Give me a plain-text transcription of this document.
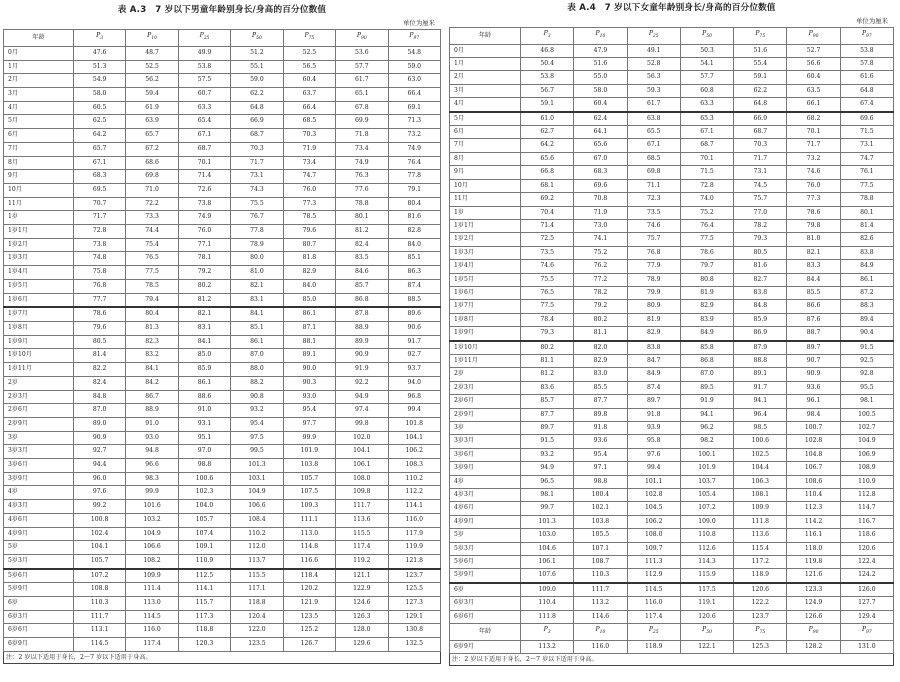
表 A.3　7 岁以下男童年龄别身长/身高的百分位数值
单位为厘米
年龄	$P_3$	$P_{10}$	$P_{25}$	$P_{50}$	$P_{75}$	$P_{90}$	$P_{97}$
0月	47.6	48.7	49.9	51.2	52.5	53.6	54.8
1月	51.3	52.5	53.8	55.1	56.5	57.7	59.0
2月	54.9	56.2	57.5	59.0	60.4	61.7	63.0
3月	58.0	59.4	60.7	62.2	63.7	65.1	66.4
4月	60.5	61.9	63.3	64.8	66.4	67.8	69.1
5月	62.5	63.9	65.4	66.9	68.5	69.9	71.3
6月	64.2	65.7	67.1	68.7	70.3	71.8	73.2
7月	65.7	67.2	68.7	70.3	71.9	73.4	74.9
8月	67.1	68.6	70.1	71.7	73.4	74.9	76.4
9月	68.3	69.8	71.4	73.1	74.7	76.3	77.8
10月	69.5	71.0	72.6	74.3	76.0	77.6	79.1
11月	70.7	72.2	73.8	75.5	77.3	78.8	80.4
1岁	71.7	73.3	74.9	76.7	78.5	80.1	81.6
1岁1月	72.8	74.4	76.0	77.8	79.6	81.2	82.8
1岁2月	73.8	75.4	77.1	78.9	80.7	82.4	84.0
1岁3月	74.8	76.5	78.1	80.0	81.8	83.5	85.1
1岁4月	75.8	77.5	79.2	81.0	82.9	84.6	86.3
1岁5月	76.8	78.5	80.2	82.1	84.0	85.7	87.4
1岁6月	77.7	79.4	81.2	83.1	85.0	86.8	88.5
1岁7月	78.6	80.4	82.1	84.1	86.1	87.8	89.6
1岁8月	79.6	81.3	83.1	85.1	87.1	88.9	90.6
1岁9月	80.5	82.3	84.1	86.1	88.1	89.9	91.7
1岁10月	81.4	83.2	85.0	87.0	89.1	90.9	92.7
1岁11月	82.2	84.1	85.9	88.0	90.0	91.9	93.7
2岁	82.4	84.2	86.1	88.2	90.3	92.2	94.0
2岁3月	84.8	86.7	88.6	90.8	93.0	94.9	96.8
2岁6月	87.0	88.9	91.0	93.2	95.4	97.4	99.4
2岁9月	89.0	91.0	93.1	95.4	97.7	99.8	101.8
3岁	90.9	93.0	95.1	97.5	99.9	102.0	104.1
3岁3月	92.7	94.8	97.0	99.5	101.9	104.1	106.2
3岁6月	94.4	96.6	98.8	101.3	103.8	106.1	108.3
3岁9月	96.0	98.3	100.6	103.1	105.7	108.0	110.2
4岁	97.6	99.9	102.3	104.9	107.5	109.8	112.2
4岁3月	99.2	101.6	104.0	106.6	109.3	111.7	114.1
4岁6月	100.8	103.2	105.7	108.4	111.1	113.6	116.0
4岁9月	102.4	104.9	107.4	110.2	113.0	115.5	117.9
5岁	104.1	106.6	109.1	112.0	114.8	117.4	119.9
5岁3月	105.7	108.2	110.9	113.7	116.6	119.2	121.8
5岁6月	107.2	109.9	112.5	115.5	118.4	121.1	123.7
5岁9月	108.8	111.4	114.1	117.1	120.2	122.9	125.5
6岁	110.3	113.0	115.7	118.8	121.9	124.6	127.3
6岁3月	111.7	114.5	117.3	120.4	123.5	126.3	129.1
6岁6月	113.1	116.0	118.8	122.0	125.2	128.0	130.8
6岁9月	114.5	117.4	120.3	123.5	126.7	129.6	132.5
注：2 岁以下适用于身长，2～7 岁以下适用于身高。
表 A.4　7 岁以下女童年龄别身长/身高的百分位数值
单位为厘米
年龄	$P_3$	$P_{10}$	$P_{25}$	$P_{50}$	$P_{75}$	$P_{90}$	$P_{97}$
0月	46.8	47.9	49.1	50.3	51.6	52.7	53.8
1月	50.4	51.6	52.8	54.1	55.4	56.6	57.8
2月	53.8	55.0	56.3	57.7	59.1	60.4	61.6
3月	56.7	58.0	59.3	60.8	62.2	63.5	64.8
4月	59.1	60.4	61.7	63.3	64.8	66.1	67.4
5月	61.0	62.4	63.8	65.3	66.9	68.2	69.6
6月	62.7	64.1	65.5	67.1	68.7	70.1	71.5
7月	64.2	65.6	67.1	68.7	70.3	71.7	73.1
8月	65.6	67.0	68.5	70.1	71.7	73.2	74.7
9月	66.8	68.3	69.8	71.5	73.1	74.6	76.1
10月	68.1	69.6	71.1	72.8	74.5	76.0	77.5
11月	69.2	70.8	72.3	74.0	75.7	77.3	78.8
1岁	70.4	71.9	73.5	75.2	77.0	78.6	80.1
1岁1月	71.4	73.0	74.6	76.4	78.2	79.8	81.4
1岁2月	72.5	74.1	75.7	77.5	79.3	81.0	82.6
1岁3月	73.5	75.2	76.8	78.6	80.5	82.1	83.8
1岁4月	74.6	76.2	77.9	79.7	81.6	83.3	84.9
1岁5月	75.5	77.2	78.9	80.8	82.7	84.4	86.1
1岁6月	76.5	78.2	79.9	81.9	83.8	85.5	87.2
1岁7月	77.5	79.2	80.9	82.9	84.8	86.6	88.3
1岁8月	78.4	80.2	81.9	83.9	85.9	87.6	89.4
1岁9月	79.3	81.1	82.9	84.9	86.9	88.7	90.4
1岁10月	80.2	82.0	83.8	85.8	87.9	89.7	91.5
1岁11月	81.1	82.9	84.7	86.8	88.8	90.7	92.5
2岁	81.2	83.0	84.9	87.0	89.1	90.9	92.8
2岁3月	83.6	85.5	87.4	89.5	91.7	93.6	95.5
2岁6月	85.7	87.7	89.7	91.9	94.1	96.1	98.1
2岁9月	87.7	89.8	91.8	94.1	96.4	98.4	100.5
3岁	89.7	91.8	93.9	96.2	98.5	100.7	102.7
3岁3月	91.5	93.6	95.8	98.2	100.6	102.8	104.9
3岁6月	93.2	95.4	97.6	100.1	102.5	104.8	106.9
3岁9月	94.9	97.1	99.4	101.9	104.4	106.7	108.9
4岁	96.5	98.8	101.1	103.7	106.3	108.6	110.9
4岁3月	98.1	100.4	102.8	105.4	108.1	110.4	112.8
4岁6月	99.7	102.1	104.5	107.2	109.9	112.3	114.7
4岁9月	101.3	103.8	106.2	109.0	111.8	114.2	116.7
5岁	103.0	105.5	108.0	110.8	113.6	116.1	118.6
5岁3月	104.6	107.1	109.7	112.6	115.4	118.0	120.6
5岁6月	106.1	108.7	111.3	114.3	117.2	119.8	122.4
5岁9月	107.6	110.3	112.9	115.9	118.9	121.6	124.2
6岁	109.0	111.7	114.5	117.5	120.6	123.3	126.0
6岁3月	110.4	113.2	116.0	119.1	122.2	124.9	127.7
6岁6月	111.8	114.6	117.4	120.6	123.7	126.6	129.4
年龄	$P_3$	$P_{10}$	$P_{25}$	$P_{50}$	$P_{75}$	$P_{90}$	$P_{97}$
6岁9月	113.2	116.0	118.9	122.1	125.3	128.2	131.0
注：2 岁以下适用于身长，2～7 岁以下适用于身高。
